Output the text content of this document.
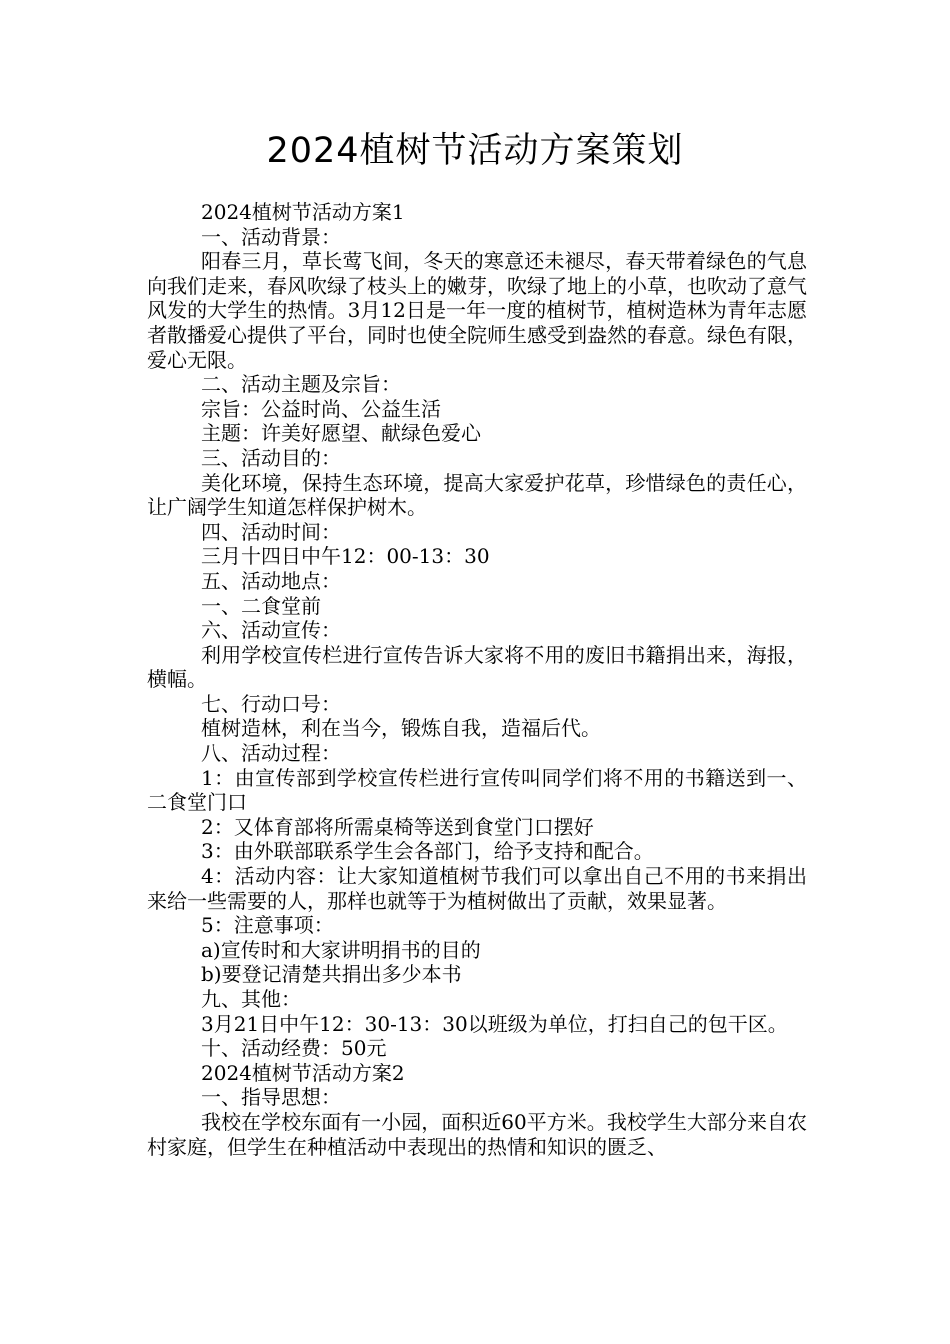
2024植树节活动方案策划

2024植树节活动方案1

一、活动背景：

阳春三月，草长莺飞间，冬天的寒意还未褪尽，春天带着绿色的气息向我们走来，春风吹绿了枝头上的嫩芽，吹绿了地上的小草，也吹动了意气风发的大学生的热情。3月12日是一年一度的植树节，植树造林为青年志愿者散播爱心提供了平台，同时也使全院师生感受到盎然的春意。绿色有限，爱心无限。

二、活动主题及宗旨：

宗旨：公益时尚、公益生活

主题：许美好愿望、献绿色爱心

三、活动目的：

美化环境，保持生态环境，提高大家爱护花草，珍惜绿色的责任心，让广阔学生知道怎样保护树木。

四、活动时间：

三月十四日中午12：00-13：30

五、活动地点：

一、二食堂前

六、活动宣传：

利用学校宣传栏进行宣传告诉大家将不用的废旧书籍捐出来，海报，横幅。

七、行动口号：

植树造林，利在当今，锻炼自我，造福后代。

八、活动过程：

1：由宣传部到学校宣传栏进行宣传叫同学们将不用的书籍送到一、二食堂门口

2：又体育部将所需桌椅等送到食堂门口摆好

3：由外联部联系学生会各部门，给予支持和配合。

4：活动内容：让大家知道植树节我们可以拿出自己不用的书来捐出来给一些需要的人，那样也就等于为植树做出了贡献，效果显著。

5：注意事项：

a)宣传时和大家讲明捐书的目的

b)要登记清楚共捐出多少本书

九、其他：

3月21日中午12：30-13：30以班级为单位，打扫自己的包干区。

十、活动经费：50元

2024植树节活动方案2

一、指导思想：

我校在学校东面有一小园，面积近60平方米。我校学生大部分来自农村家庭，但学生在种植活动中表现出的热情和知识的匮乏、
